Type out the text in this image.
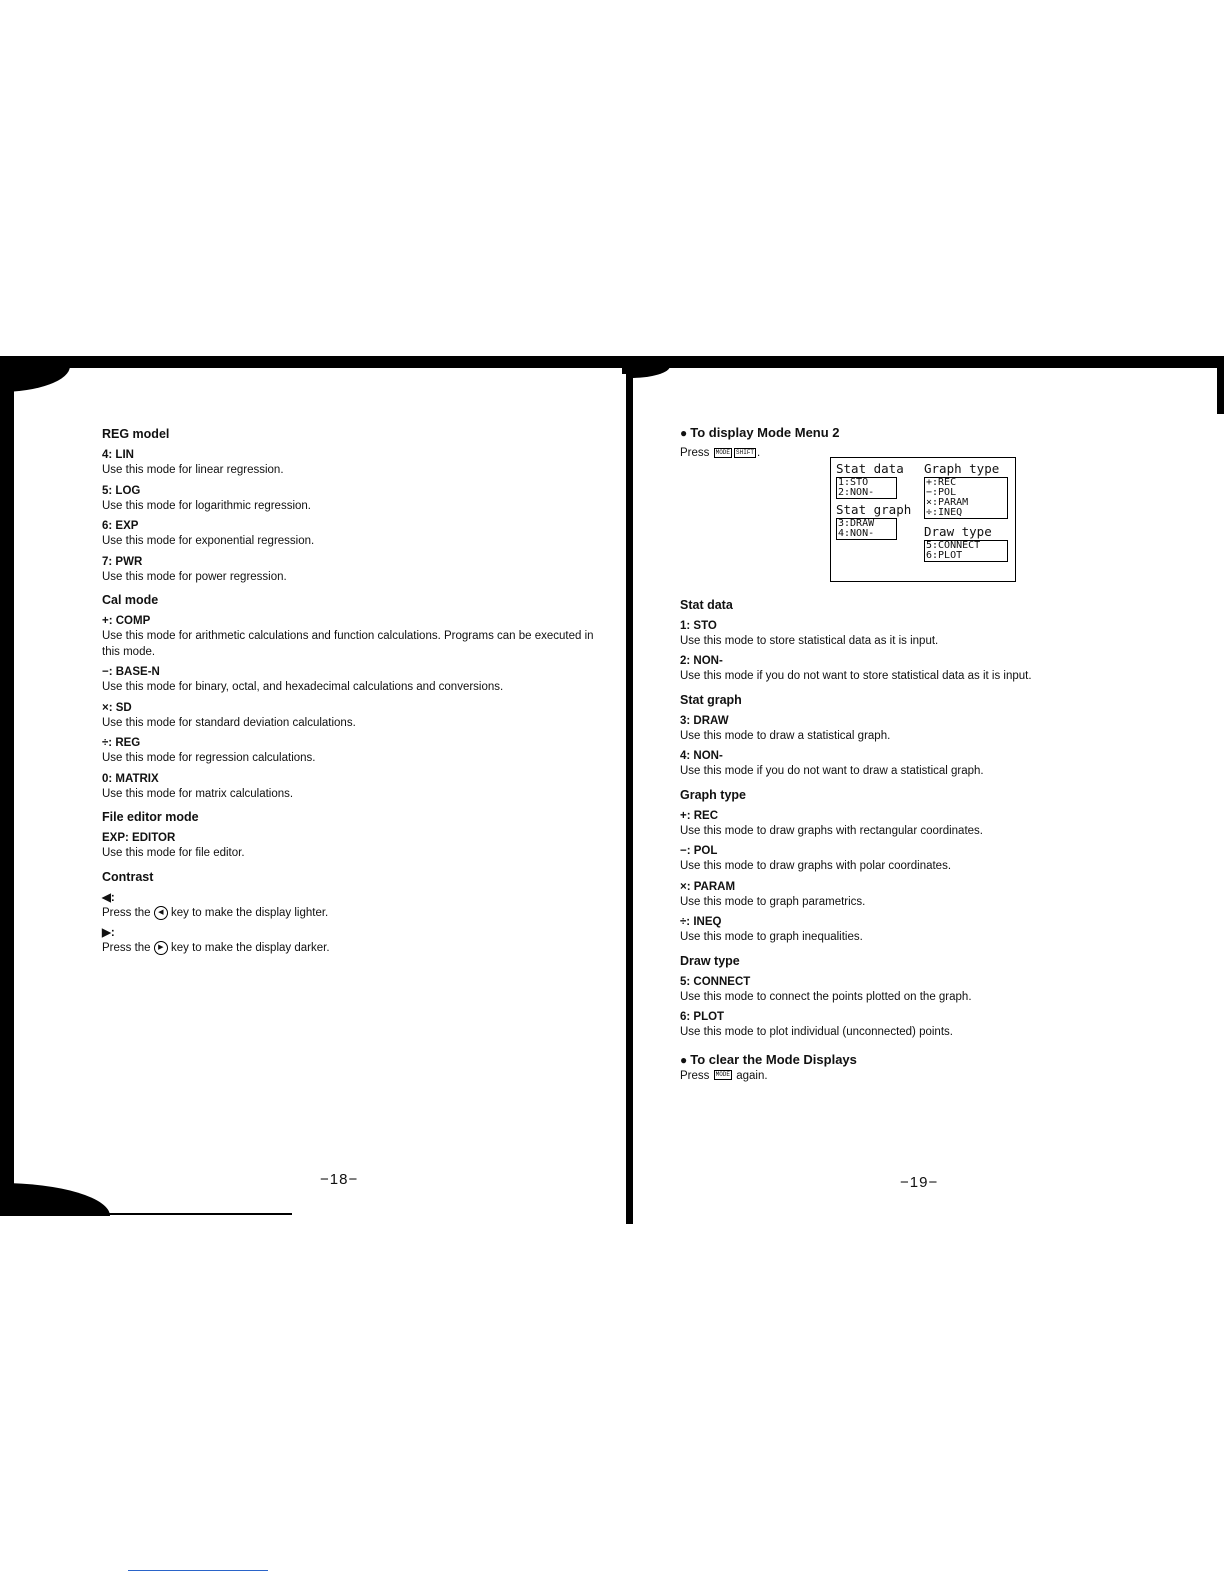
REG model
4: LIN
Use this mode for linear regression.
5: LOG
Use this mode for logarithmic regression.
6: EXP
Use this mode for exponential regression.
7: PWR
Use this mode for power regression.
Cal mode
+: COMP
Use this mode for arithmetic calculations and function calculations. Programs can be executed in this mode.
−: BASE-N
Use this mode for binary, octal, and hexadecimal calculations and conversions.
×: SD
Use this mode for standard deviation calculations.
÷: REG
Use this mode for regression calculations.
0: MATRIX
Use this mode for matrix calculations.
File editor mode
EXP: EDITOR
Use this mode for file editor.
Contrast
◀:
Press the ◀ key to make the display lighter.
▶:
Press the ▶ key to make the display darker.
−18−
● To display Mode Menu 2
Press MODE SHIFT .
Stat data
1: STO
Use this mode to store statistical data as it is input.
2: NON-
Use this mode if you do not want to store statistical data as it is input.
Stat graph
3: DRAW
Use this mode to draw a statistical graph.
4: NON-
Use this mode if you do not want to draw a statistical graph.
Graph type
+: REC
Use this mode to draw graphs with rectangular coordinates.
−: POL
Use this mode to draw graphs with polar coordinates.
×: PARAM
Use this mode to graph parametrics.
÷: INEQ
Use this mode to graph inequalities.
Draw type
5: CONNECT
Use this mode to connect the points plotted on the graph.
6: PLOT
Use this mode to plot individual (unconnected) points.
● To clear the Mode Displays
Press MODE again.
Stat data
1:STO
2:NON-
Stat graph
3:DRAW
4:NON-
Graph type
+:REC
−:POL
×:PARAM
÷:INEQ
Draw type
5:CONNECT
6:PLOT
−19−
